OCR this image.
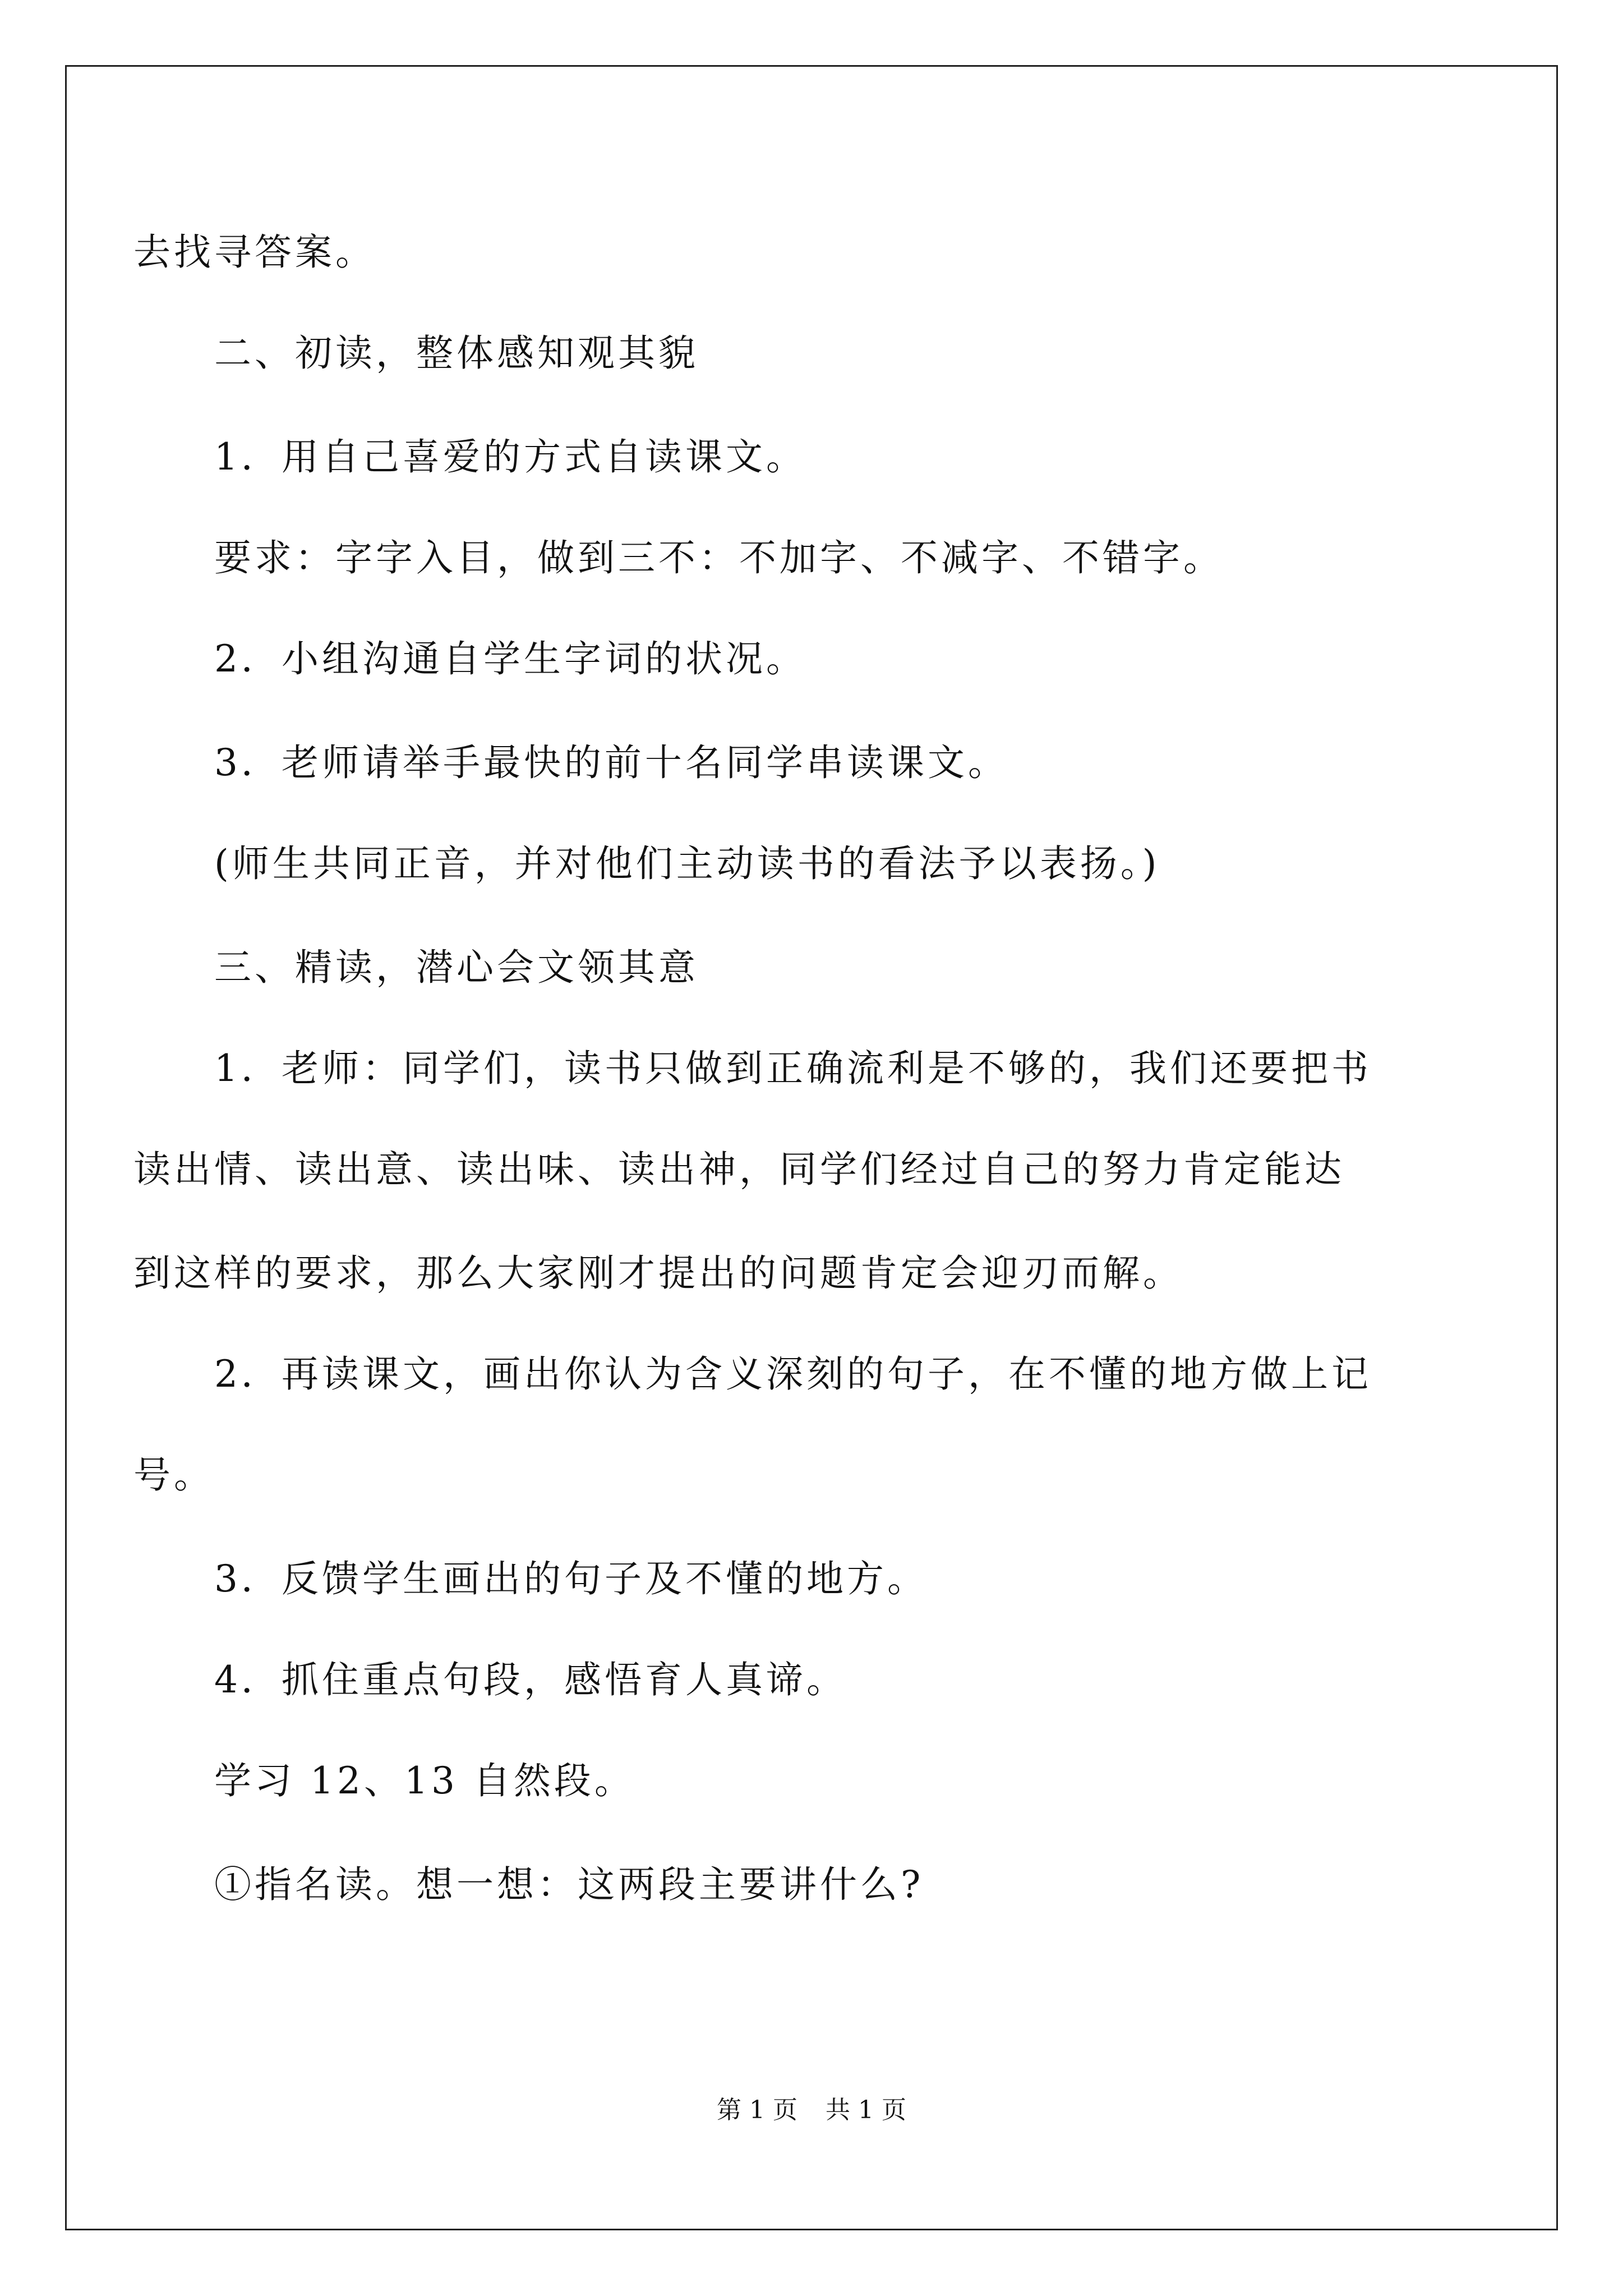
去找寻答案。
二、初读，整体感知观其貌
1．用自己喜爱的方式自读课文。
要求：字字入目，做到三不：不加字、不减字、不错字。
2．小组沟通自学生字词的状况。
3．老师请举手最快的前十名同学串读课文。
(师生共同正音，并对他们主动读书的看法予以表扬。)
三、精读，潜心会文领其意
1．老师：同学们，读书只做到正确流利是不够的，我们还要把书
读出情、读出意、读出味、读出神，同学们经过自己的努力肯定能达
到这样的要求，那么大家刚才提出的问题肯定会迎刃而解。
2．再读课文，画出你认为含义深刻的句子，在不懂的地方做上记
号。
3．反馈学生画出的句子及不懂的地方。
4．抓住重点句段，感悟育人真谛。
学习 12、13 自然段。
①指名读。想一想：这两段主要讲什么?
第 1 页 共 1 页
